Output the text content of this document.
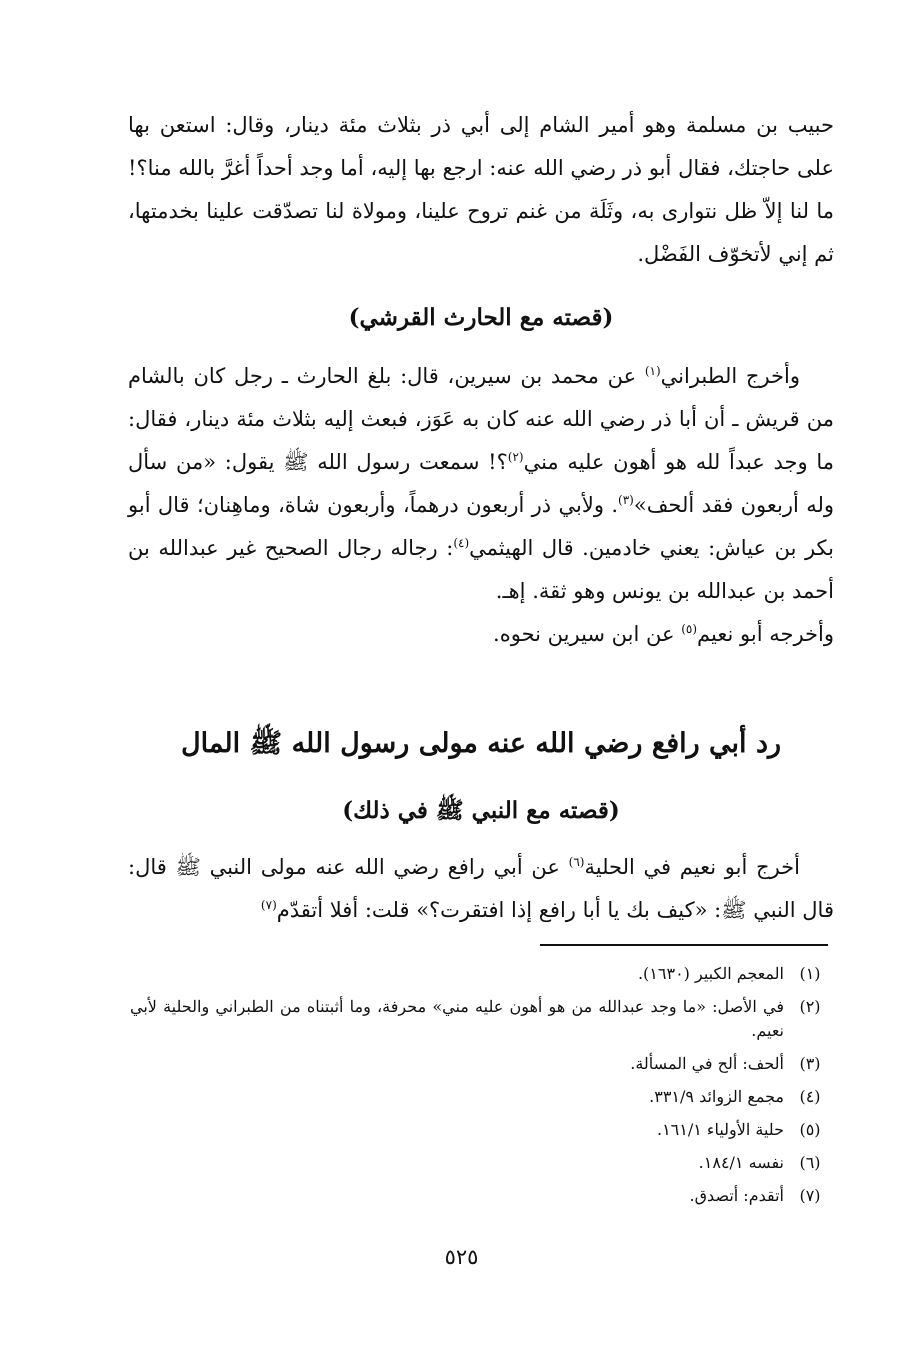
حبيب بن مسلمة وهو أمير الشام إلى أبي ذر بثلاث مئة دينار، وقال: استعن بها على حاجتك، فقال أبو ذر رضي الله عنه: ارجع بها إليه، أما وجد أحداً أغرَّ بالله منا؟! ما لنا إلاّ ظل نتوارى به، وثَلَة من غنم تروح علينا، ومولاة لنا تصدّقت علينا بخدمتها، ثم إني لأتخوّف الفَضْل.

(قصته مع الحارث القرشي)

وأخرج الطبراني$^{(١)}$ عن محمد بن سيرين، قال: بلغ الحارث ـ رجل كان بالشام من قريش ـ أن أبا ذر رضي الله عنه كان به عَوَز، فبعث إليه بثلاث مئة دينار، فقال: ما وجد عبداً لله هو أهون عليه مني$^{(٢)}$؟! سمعت رسول الله ﷺ يقول: «من سأل وله أربعون فقد ألحف»$^{(٣)}$. ولأبي ذر أربعون درهماً، وأربعون شاة، وماهِنان؛ قال أبو بكر بن عياش: يعني خادمين. قال الهيثمي$^{(٤)}$: رجاله رجال الصحيح غير عبدالله بن أحمد بن عبدالله بن يونس وهو ثقة. إهـ.

وأخرجه أبو نعيم$^{(٥)}$ عن ابن سيرين نحوه.

رد أبي رافع رضي الله عنه مولى رسول الله ﷺ المال
(قصته مع النبي ﷺ في ذلك)

أخرج أبو نعيم في الحلية$^{(٦)}$ عن أبي رافع رضي الله عنه مولى النبي ﷺ قال: قال النبي ﷺ: «كيف بك يا أبا رافع إذا افتقرت؟» قلت: أفلا أتقدّم$^{(٧)}$

(١)
المعجم الكبير (١٦٣٠).
(٢)
في الأصل: «ما وجد عبدالله من هو أهون عليه مني» محرفة، وما أثبتناه من الطبراني والحلية لأبي نعيم.
(٣)
ألحف: ألح في المسألة.
(٤)
مجمع الزوائد ٣٣١/٩.
(٥)
حلية الأولياء ١٦١/١.
(٦)
نفسه ١٨٤/١.
(٧)
أتقدم: أتصدق.
٥٢٥
